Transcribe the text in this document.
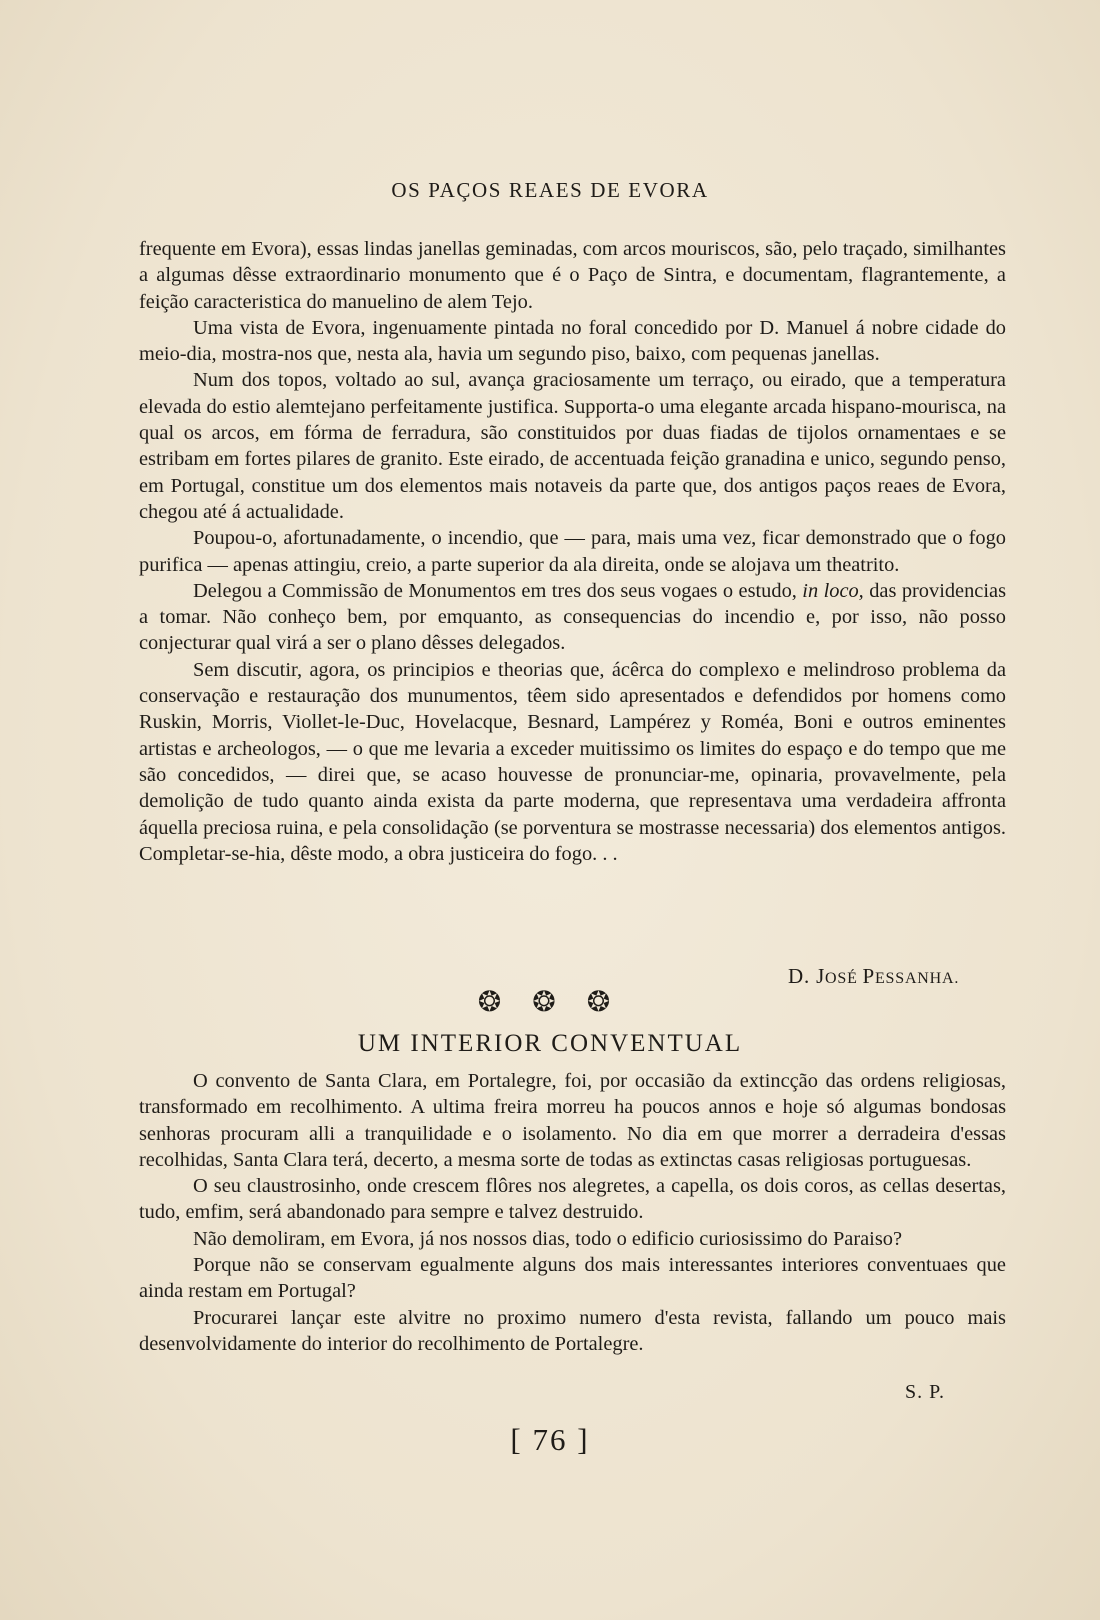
OS PAÇOS REAES DE EVORA

frequente em Evora), essas lindas janellas geminadas, com arcos mouriscos, são, pelo traçado, similhantes a algumas dêsse extraordinario monumento que é o Paço de Sintra, e documentam, flagrantemente, a feição caracteristica do manuelino de alem Tejo.

Uma vista de Evora, ingenuamente pintada no foral concedido por D. Manuel á nobre cidade do meio-dia, mostra-nos que, nesta ala, havia um segundo piso, baixo, com pequenas janellas.

Num dos topos, voltado ao sul, avança graciosamente um terraço, ou eirado, que a temperatura elevada do estio alemtejano perfeitamente justifica. Supporta-o uma elegante arcada hispano-mourisca, na qual os arcos, em fórma de ferradura, são constituidos por duas fiadas de tijolos ornamentaes e se estribam em fortes pilares de granito. Este eirado, de accentuada feição granadina e unico, segundo penso, em Portugal, constitue um dos elementos mais notaveis da parte que, dos antigos paços reaes de Evora, chegou até á actualidade.

Poupou-o, afortunadamente, o incendio, que — para, mais uma vez, ficar demonstrado que o fogo purifica — apenas attingiu, creio, a parte superior da ala direita, onde se alojava um theatrito.

Delegou a Commissão de Monumentos em tres dos seus vogaes o estudo, in loco, das providencias a tomar. Não conheço bem, por emquanto, as consequencias do incendio e, por isso, não posso conjecturar qual virá a ser o plano dêsses delegados.

Sem discutir, agora, os principios e theorias que, ácêrca do complexo e melindroso problema da conservação e restauração dos munumentos, têem sido apresentados e defendidos por homens como Ruskin, Morris, Viollet-le-Duc, Hovelacque, Besnard, Lampérez y Roméa, Boni e outros eminentes artistas e archeologos, — o que me levaria a exceder muitissimo os limites do espaço e do tempo que me são concedidos, — direi que, se acaso houvesse de pronunciar-me, opinaria, provavelmente, pela demolição de tudo quanto ainda exista da parte moderna, que representava uma verdadeira affronta áquella preciosa ruina, e pela consolidação (se porventura se mostrasse necessaria) dos elementos antigos. Completar-se-hia, dêste modo, a obra justiceira do fogo. . .

D. JOSÉ PESSANHA.
❂ ❂ ❂
UM INTERIOR CONVENTUAL

O convento de Santa Clara, em Portalegre, foi, por occasião da extincção das ordens religiosas, transformado em recolhimento. A ultima freira morreu ha poucos annos e hoje só algumas bondosas senhoras procuram alli a tranquilidade e o isolamento. No dia em que morrer a derradeira d'essas recolhidas, Santa Clara terá, decerto, a mesma sorte de todas as extinctas casas religiosas portuguesas.

O seu claustrosinho, onde crescem flôres nos alegretes, a capella, os dois coros, as cellas desertas, tudo, emfim, será abandonado para sempre e talvez destruido.

Não demoliram, em Evora, já nos nossos dias, todo o edificio curiosissimo do Paraiso?

Porque não se conservam egualmente alguns dos mais interessantes interiores conventuaes que ainda restam em Portugal?

Procurarei lançar este alvitre no proximo numero d'esta revista, fallando um pouco mais desenvolvidamente do interior do recolhimento de Portalegre.

S. P.
[ 76 ]
